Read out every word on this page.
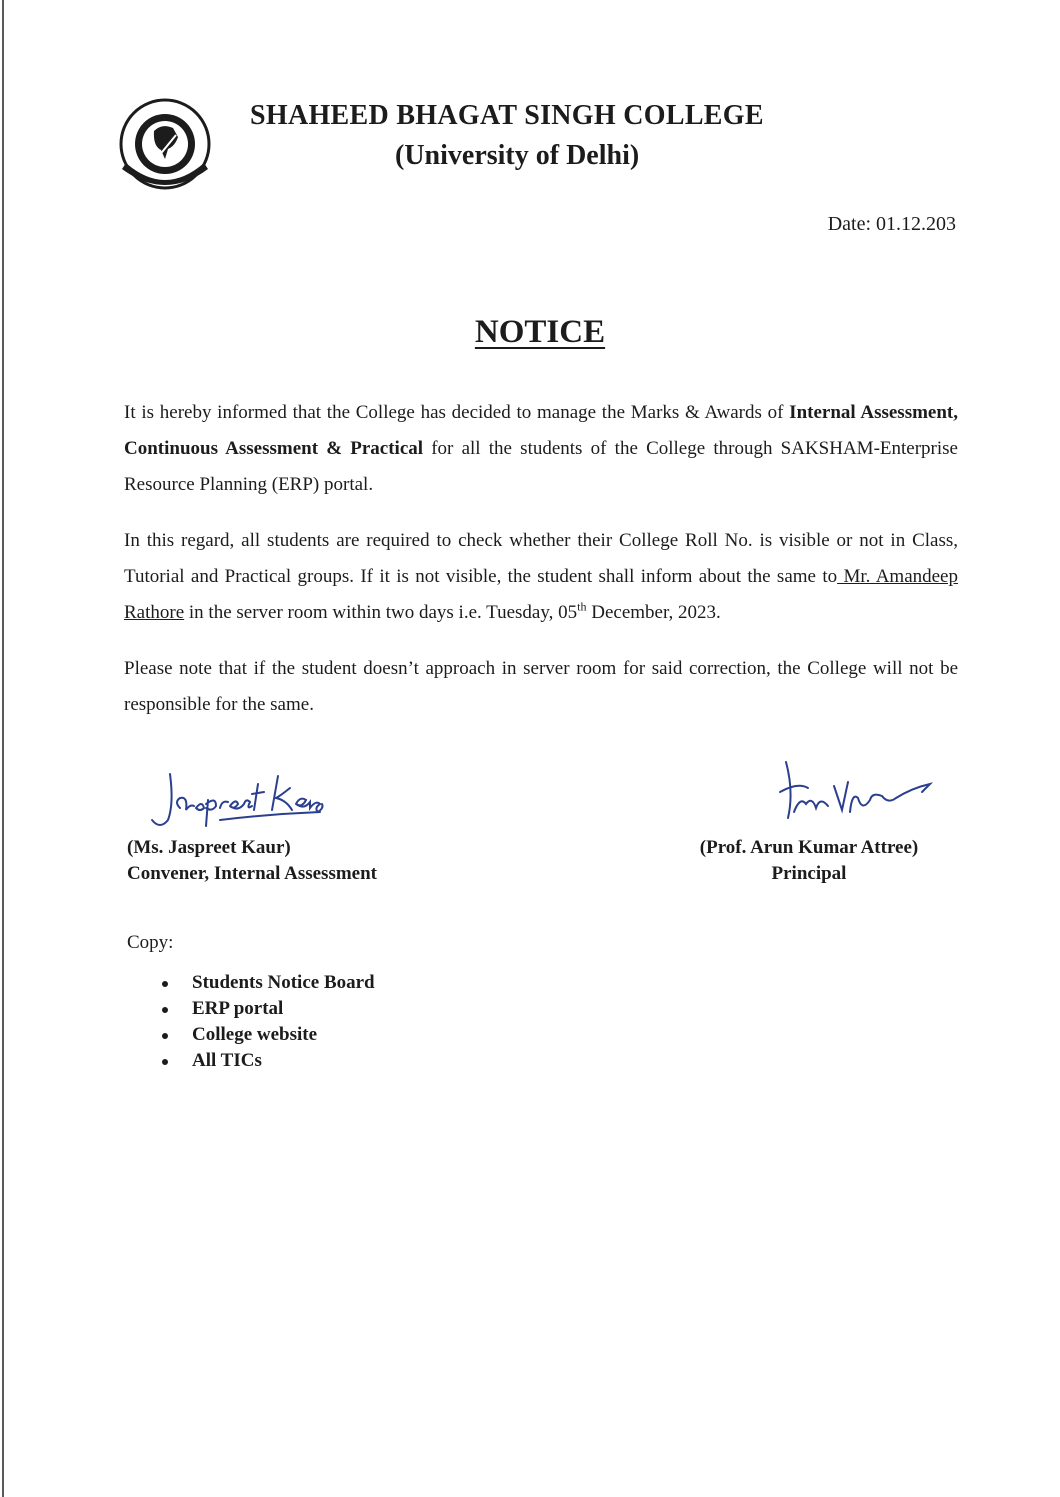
SHAHEED BHAGAT SINGH COLLEGE
(University of Delhi)
Date: 01.12.203
NOTICE

It is hereby informed that the College has decided to manage the Marks & Awards of Internal Assessment, Continuous Assessment & Practical for all the students of the College through SAKSHAM-Enterprise Resource Planning (ERP) portal.

In this regard, all students are required to check whether their College Roll No. is visible or not in Class, Tutorial and Practical groups. If it is not visible, the student shall inform about the same to Mr. Amandeep Rathore in the server room within two days i.e. Tuesday, 05th December, 2023.

Please note that if the student doesn’t approach in server room for said correction, the College will not be responsible for the same.

(Ms. Jaspreet Kaur)
Convener, Internal Assessment
(Prof. Arun Kumar Attree)
Principal
Copy:
Students Notice Board
ERP portal
College website
All TICs
